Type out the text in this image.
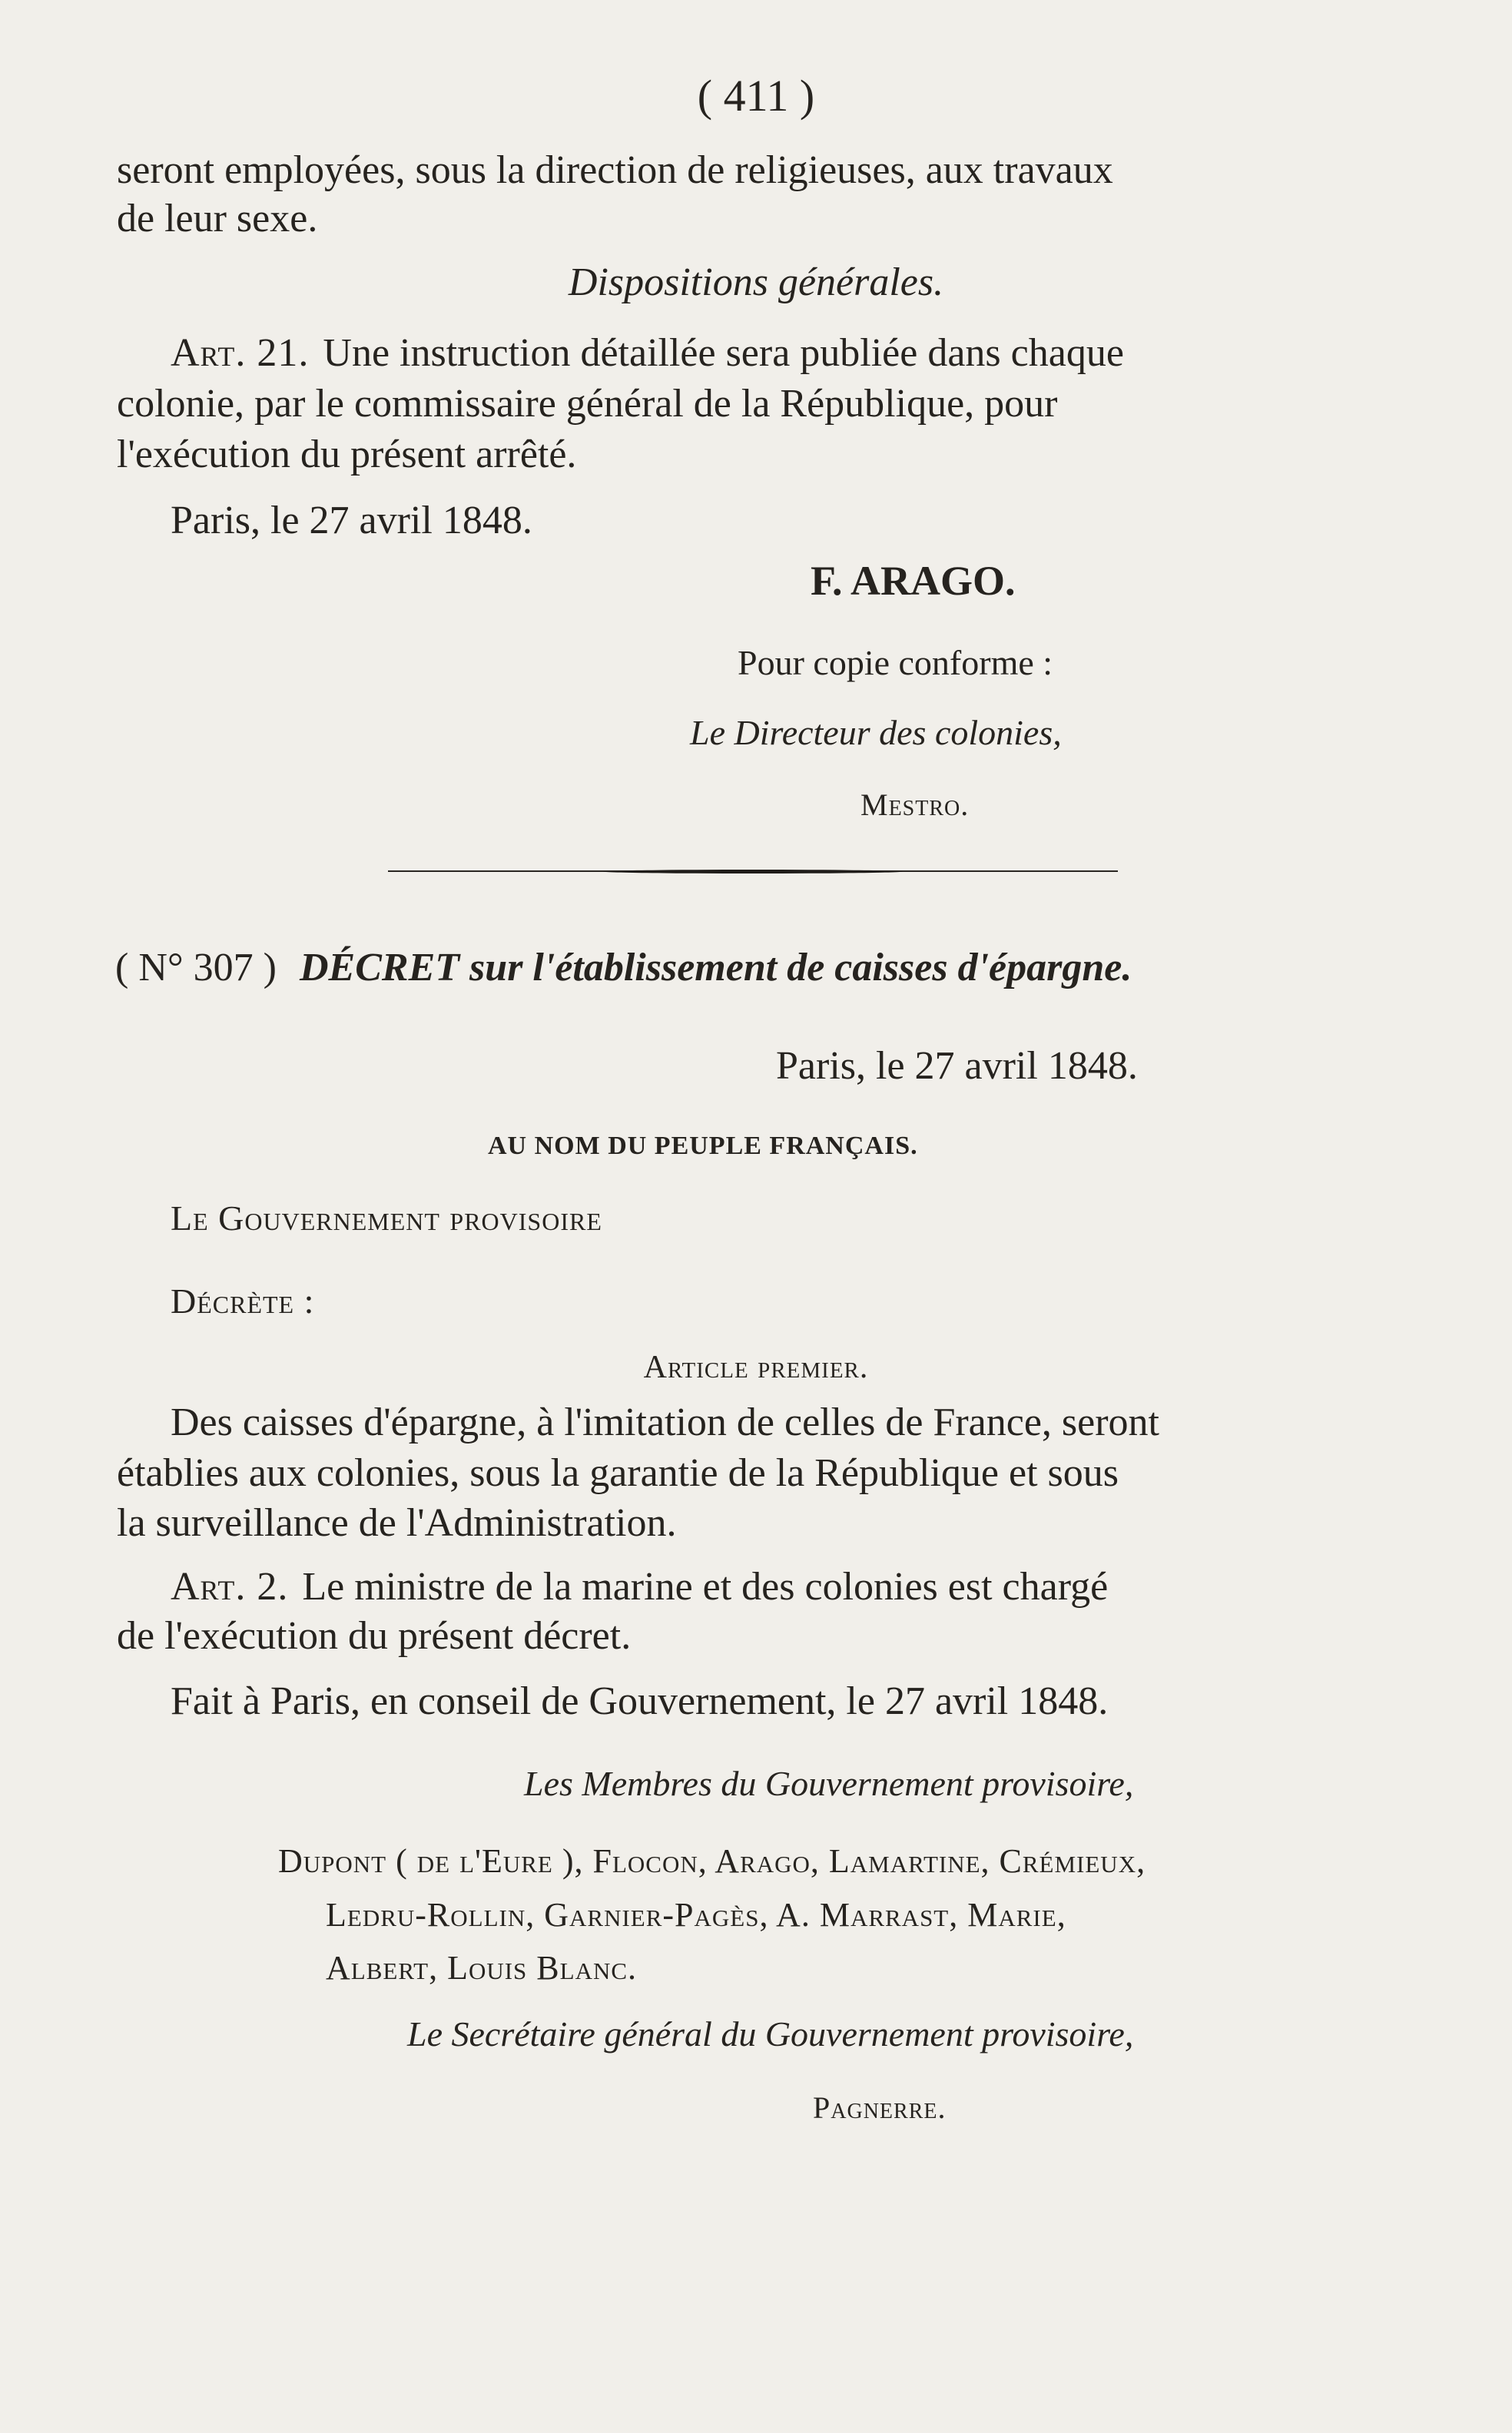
( 411 )
seront employées, sous la direction de religieuses, aux travaux
de leur sexe.
Dispositions générales.
Art. 21. Une instruction détaillée sera publiée dans chaque
colonie, par le commissaire général de la République, pour
l'exécution du présent arrêté.
Paris, le 27 avril 1848.
F. ARAGO.
Pour copie conforme :
Le Directeur des colonies,
Mestro.
( N° 307 ) DÉCRET sur l'établissement de caisses d'épargne.
Paris, le 27 avril 1848.
AU NOM DU PEUPLE FRANÇAIS.
Le Gouvernement provisoire
Décrète :
Article premier.
Des caisses d'épargne, à l'imitation de celles de France, seront
établies aux colonies, sous la garantie de la République et sous
la surveillance de l'Administration.
Art. 2. Le ministre de la marine et des colonies est chargé
de l'exécution du présent décret.
Fait à Paris, en conseil de Gouvernement, le 27 avril 1848.
Les Membres du Gouvernement provisoire,
Dupont ( de l'Eure ), Flocon, Arago, Lamartine, Crémieux,
Ledru-Rollin, Garnier-Pagès, A. Marrast, Marie,
Albert, Louis Blanc.
Le Secrétaire général du Gouvernement provisoire,
Pagnerre.
